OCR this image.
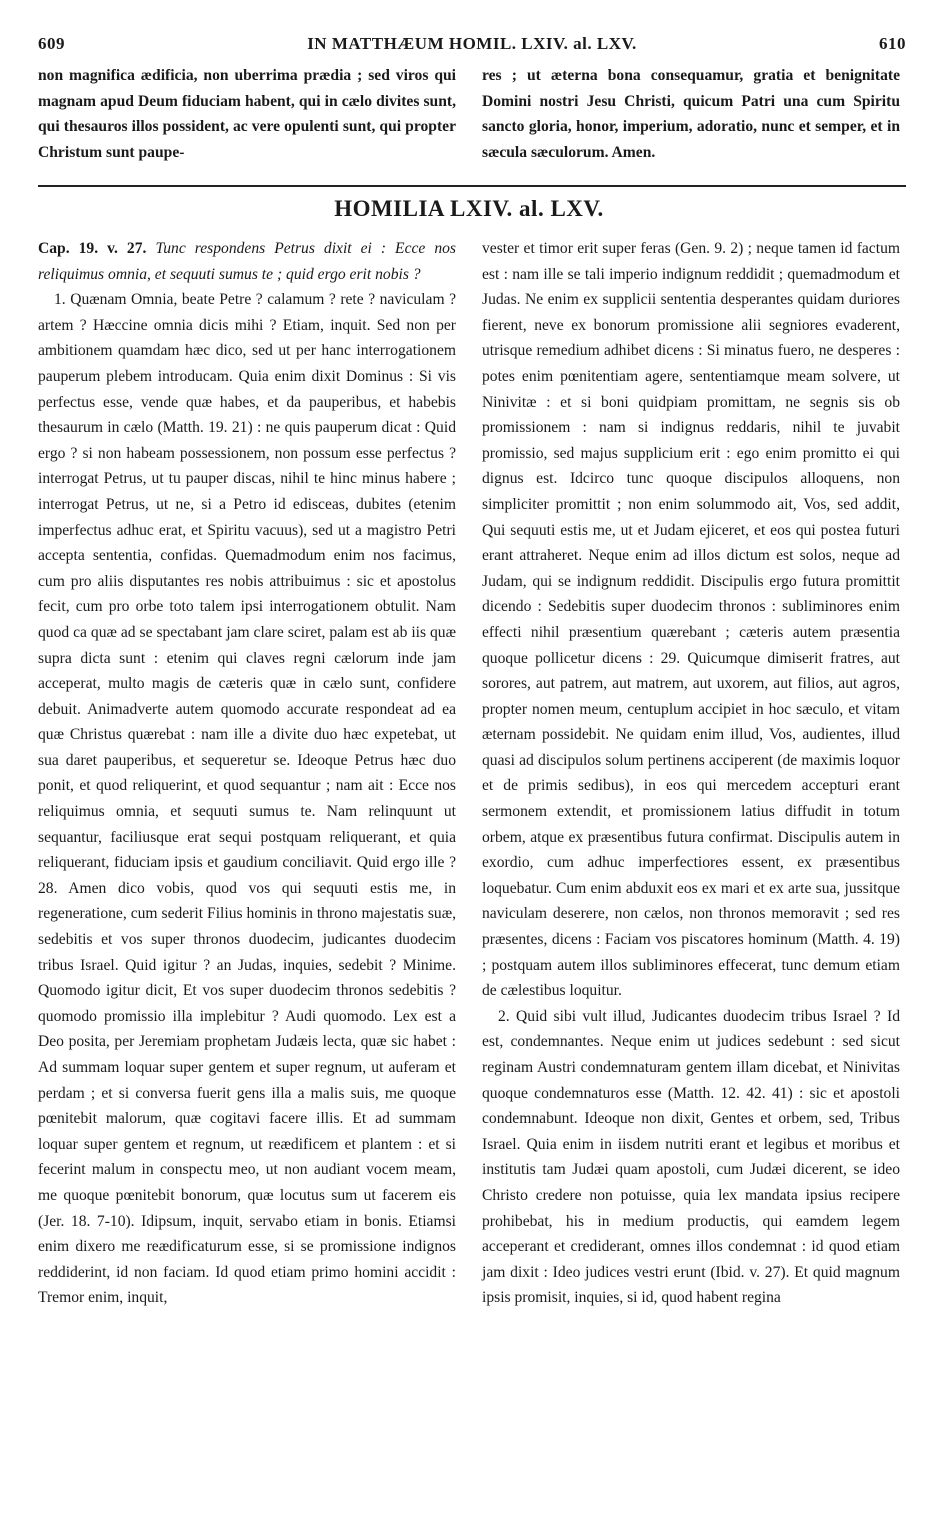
609	IN MATTHÆUM HOMIL. LXIV. al. LXV.	610

non magnifica ædificia, non uberrima prædia ; sed viros qui magnam apud Deum fiduciam habent, qui in cælo divites sunt, qui thesauros illos possident, ac vere opulenti sunt, qui propter Christum sunt paupe-

res ; ut æterna bona consequamur, gratia et benignitate Domini nostri Jesu Christi, quicum Patri una cum Spiritu sancto gloria, honor, imperium, adoratio, nunc et semper, et in sæcula sæculorum. Amen.

HOMILIA LXIV. al. LXV.

Cap. 19. v. 27. Tunc respondens Petrus dixit ei : Ecce nos reliquimus omnia, et sequuti sumus te ; quid ergo erit nobis ?

1. Quænam Omnia, beate Petre ? calamum ? rete ? naviculam ? artem ? Hæccine omnia dicis mihi ? Etiam, inquit. Sed non per ambitionem quamdam hæc dico, sed ut per hanc interrogationem pauperum plebem introducam. Quia enim dixit Dominus : Si vis perfectus esse, vende quæ habes, et da pauperibus, et habebis thesaurum in cælo (Matth. 19. 21) : ne quis pauperum dicat : Quid ergo ? si non habeam possessionem, non possum esse perfectus ? interrogat Petrus, ut tu pauper discas, nihil te hinc minus habere ; interrogat Petrus, ut ne, si a Petro id edisceas, dubites (etenim imperfectus adhuc erat, et Spiritu vacuus), sed ut a magistro Petri accepta sententia, confidas. Quemadmodum enim nos facimus, cum pro aliis disputantes res nobis attribuimus : sic et apostolus fecit, cum pro orbe toto talem ipsi interrogationem obtulit. Nam quod ca quæ ad se spectabant jam clare sciret, palam est ab iis quæ supra dicta sunt : etenim qui claves regni cælorum inde jam acceperat, multo magis de cæteris quæ in cælo sunt, confidere debuit. Animadverte autem quomodo accurate respondeat ad ea quæ Christus quærebat : nam ille a divite duo hæc expetebat, ut sua daret pauperibus, et sequeretur se. Ideoque Petrus hæc duo ponit, et quod reliquerint, et quod sequantur ; nam ait : Ecce nos reliquimus omnia, et sequuti sumus te. Nam relinquunt ut sequantur, faciliusque erat sequi postquam reliquerant, et quia reliquerant, fiduciam ipsis et gaudium conciliavit. Quid ergo ille ? 28. Amen dico vobis, quod vos qui sequuti estis me, in regeneratione, cum sederit Filius hominis in throno majestatis suæ, sedebitis et vos super thronos duodecim, judicantes duodecim tribus Israel. Quid igitur ? an Judas, inquies, sedebit ? Minime. Quomodo igitur dicit, Et vos super duodecim thronos sedebitis ? quomodo promissio illa implebitur ? Audi quomodo. Lex est a Deo posita, per Jeremiam prophetam Judæis lecta, quæ sic habet : Ad summam loquar super gentem et super regnum, ut auferam et perdam ; et si conversa fuerit gens illa a malis suis, me quoque pœnitebit malorum, quæ cogitavi facere illis. Et ad summam loquar super gentem et regnum, ut reædificem et plantem : et si fecerint malum in conspectu meo, ut non audiant vocem meam, me quoque pœnitebit bonorum, quæ locutus sum ut facerem eis (Jer. 18. 7-10). Idipsum, inquit, servabo etiam in bonis. Etiamsi enim dixero me reædificaturum esse, si se promissione indignos reddiderint, id non faciam. Id quod etiam primo homini accidit : Tremor enim, inquit,

vester et timor erit super feras (Gen. 9. 2) ; neque tamen id factum est : nam ille se tali imperio indignum reddidit ; quemadmodum et Judas. Ne enim ex supplicii sententia desperantes quidam duriores fierent, neve ex bonorum promissione alii segniores evaderent, utrisque remedium adhibet dicens : Si minatus fuero, ne desperes : potes enim pœnitentiam agere, sententiamque meam solvere, ut Ninivitæ : et si boni quidpiam promittam, ne segnis sis ob promissionem : nam si indignus reddaris, nihil te juvabit promissio, sed majus supplicium erit : ego enim promitto ei qui dignus est. Idcirco tunc quoque discipulos alloquens, non simpliciter promittit ; non enim solummodo ait, Vos, sed addit, Qui sequuti estis me, ut et Judam ejiceret, et eos qui postea futuri erant attraheret. Neque enim ad illos dictum est solos, neque ad Judam, qui se indignum reddidit. Discipulis ergo futura promittit dicendo : Sedebitis super duodecim thronos : subliminores enim effecti nihil præsentium quærebant ; cæteris autem præsentia quoque pollicetur dicens : 29. Quicumque dimiserit fratres, aut sorores, aut patrem, aut matrem, aut uxorem, aut filios, aut agros, propter nomen meum, centuplum accipiet in hoc sæculo, et vitam æternam possidebit. Ne quidam enim illud, Vos, audientes, illud quasi ad discipulos solum pertinens acciperent (de maximis loquor et de primis sedibus), in eos qui mercedem accepturi erant sermonem extendit, et promissionem latius diffudit in totum orbem, atque ex præsentibus futura confirmat. Discipulis autem in exordio, cum adhuc imperfectiores essent, ex præsentibus loquebatur. Cum enim abduxit eos ex mari et ex arte sua, jussitque naviculam deserere, non cælos, non thronos memoravit ; sed res præsentes, dicens : Faciam vos piscatores hominum (Matth. 4. 19) ; postquam autem illos subliminores effecerat, tunc demum etiam de cælestibus loquitur.

2. Quid sibi vult illud, Judicantes duodecim tribus Israel ? Id est, condemnantes. Neque enim ut judices sedebunt : sed sicut reginam Austri condemnaturam gentem illam dicebat, et Ninivitas quoque condemnaturos esse (Matth. 12. 42. 41) : sic et apostoli condemnabunt. Ideoque non dixit, Gentes et orbem, sed, Tribus Israel. Quia enim in iisdem nutriti erant et legibus et moribus et institutis tam Judæi quam apostoli, cum Judæi dicerent, se ideo Christo credere non potuisse, quia lex mandata ipsius recipere prohibebat, his in medium productis, qui eamdem legem acceperant et crediderant, omnes illos condemnat : id quod etiam jam dixit : Ideo judices vestri erunt (Ibid. v. 27). Et quid magnum ipsis promisit, inquies, si id, quod habent regina
